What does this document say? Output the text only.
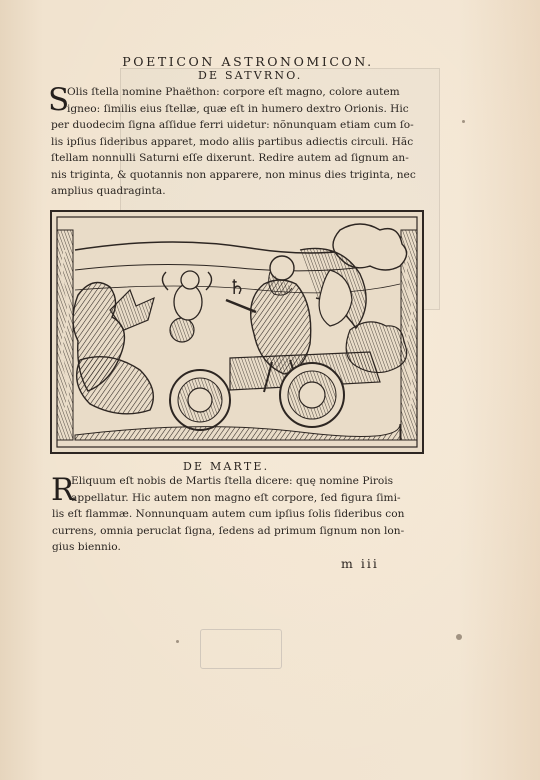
POETICON ASTRONOMICON.
DE SATVRNO.
S
Olis ſtella nomine Phaëthon: corpore eſt magno, colore autem
igneo: ſimilis eius ſtellæ, quæ eſt in humero dextro Orionis. Hic
per duodecim ſigna aſſidue ferri uidetur: nõnunquam etiam cum ſo-
lis ipſius ſideribus apparet, modo aliis partibus adiectis circuli. Hãc
ſtellam nonnulli Saturni eſſe dixerunt. Redire autem ad ſignum an-
nis triginta, & quotannis non apparere, non minus dies triginta, nec
amplius quadraginta.
♄
DE MARTE.
R
Eliquum eſt nobis de Martis ſtella dicere: quę nomine Pirois
appellatur. Hic autem non magno eſt corpore, ſed figura ſimi-
lis eſt flammæ. Nonnunquam autem cum ipſius ſolis ſideribus con
currens, omnia peruclat ſigna, ſedens ad primum ſignum non lon-
gius biennio.
m iii
